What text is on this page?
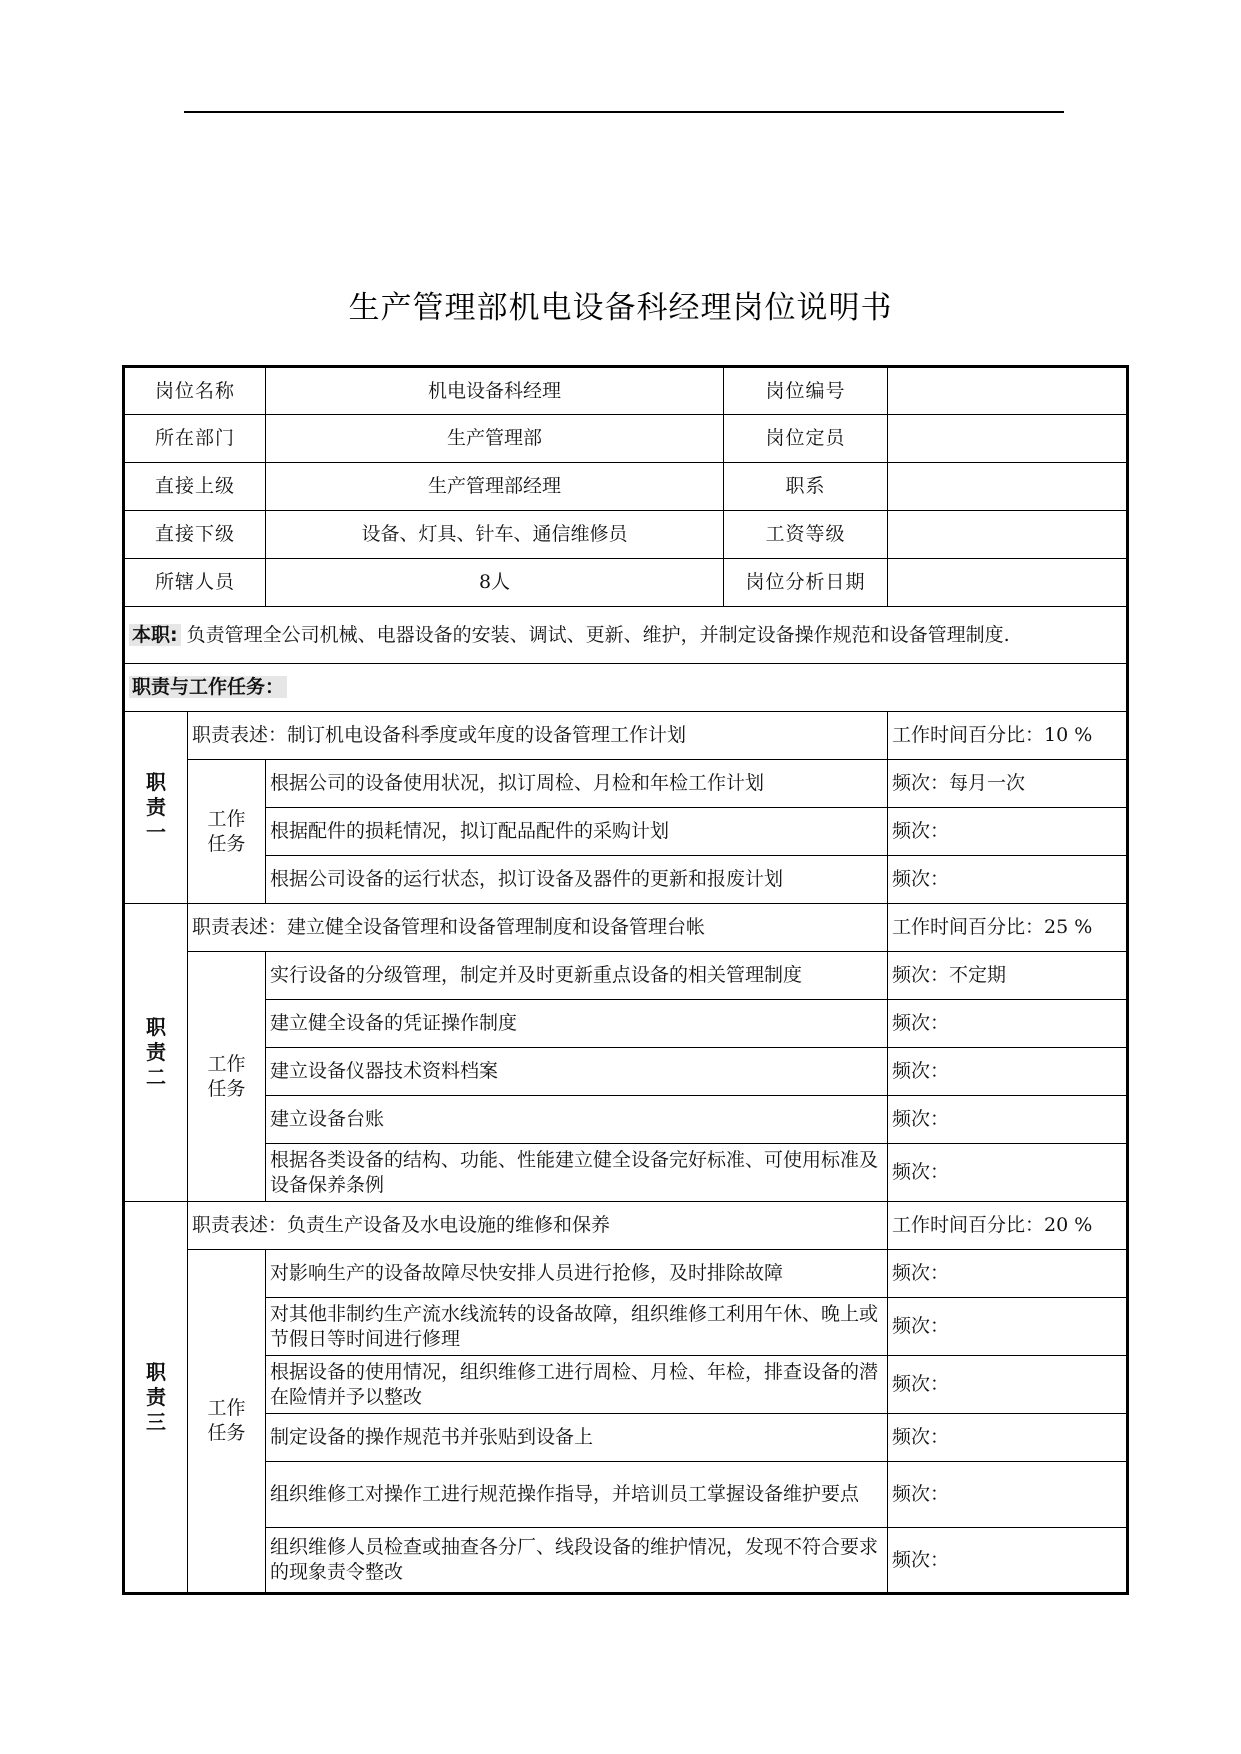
生产管理部机电设备科经理岗位说明书
岗位名称		机电设备科经理	岗位编号	
所在部门		生产管理部	岗位定员	
直接上级		生产管理部经理	职系	
直接下级		设备、灯具、针车、通信维修员	工资等级	
所辖人员		8人	岗位分析日期	
本职: 负责管理全公司机械、电器设备的安装、调试、更新、维护，并制定设备操作规范和设备管理制度.				
职责与工作任务：				
职责一	职责表述：制订机电设备科季度或年度的设备管理工作计划			工作时间百分比：10 %
	工作任务	根据公司的设备使用状况，拟订周检、月检和年检工作计划		频次：每月一次
		根据配件的损耗情况，拟订配品配件的采购计划		频次：
		根据公司设备的运行状态，拟订设备及器件的更新和报废计划		频次：
职责二	职责表述：建立健全设备管理和设备管理制度和设备管理台帐			工作时间百分比：25 %
	工作任务	实行设备的分级管理，制定并及时更新重点设备的相关管理制度		频次：不定期
		建立健全设备的凭证操作制度		频次：
		建立设备仪器技术资料档案		频次：
		建立设备台账		频次：
		根据各类设备的结构、功能、性能建立健全设备完好标准、可使用标准及设备保养条例		频次：
职责三	职责表述：负责生产设备及水电设施的维修和保养			工作时间百分比：20 %
	工作任务	对影响生产的设备故障尽快安排人员进行抢修，及时排除故障		频次：
		对其他非制约生产流水线流转的设备故障，组织维修工利用午休、晚上或节假日等时间进行修理		频次：
		根据设备的使用情况，组织维修工进行周检、月检、年检，排查设备的潜在险情并予以整改		频次：
		制定设备的操作规范书并张贴到设备上		频次：
		组织维修工对操作工进行规范操作指导，并培训员工掌握设备维护要点		频次：
		组织维修人员检查或抽查各分厂、线段设备的维护情况，发现不符合要求的现象责令整改		频次：
